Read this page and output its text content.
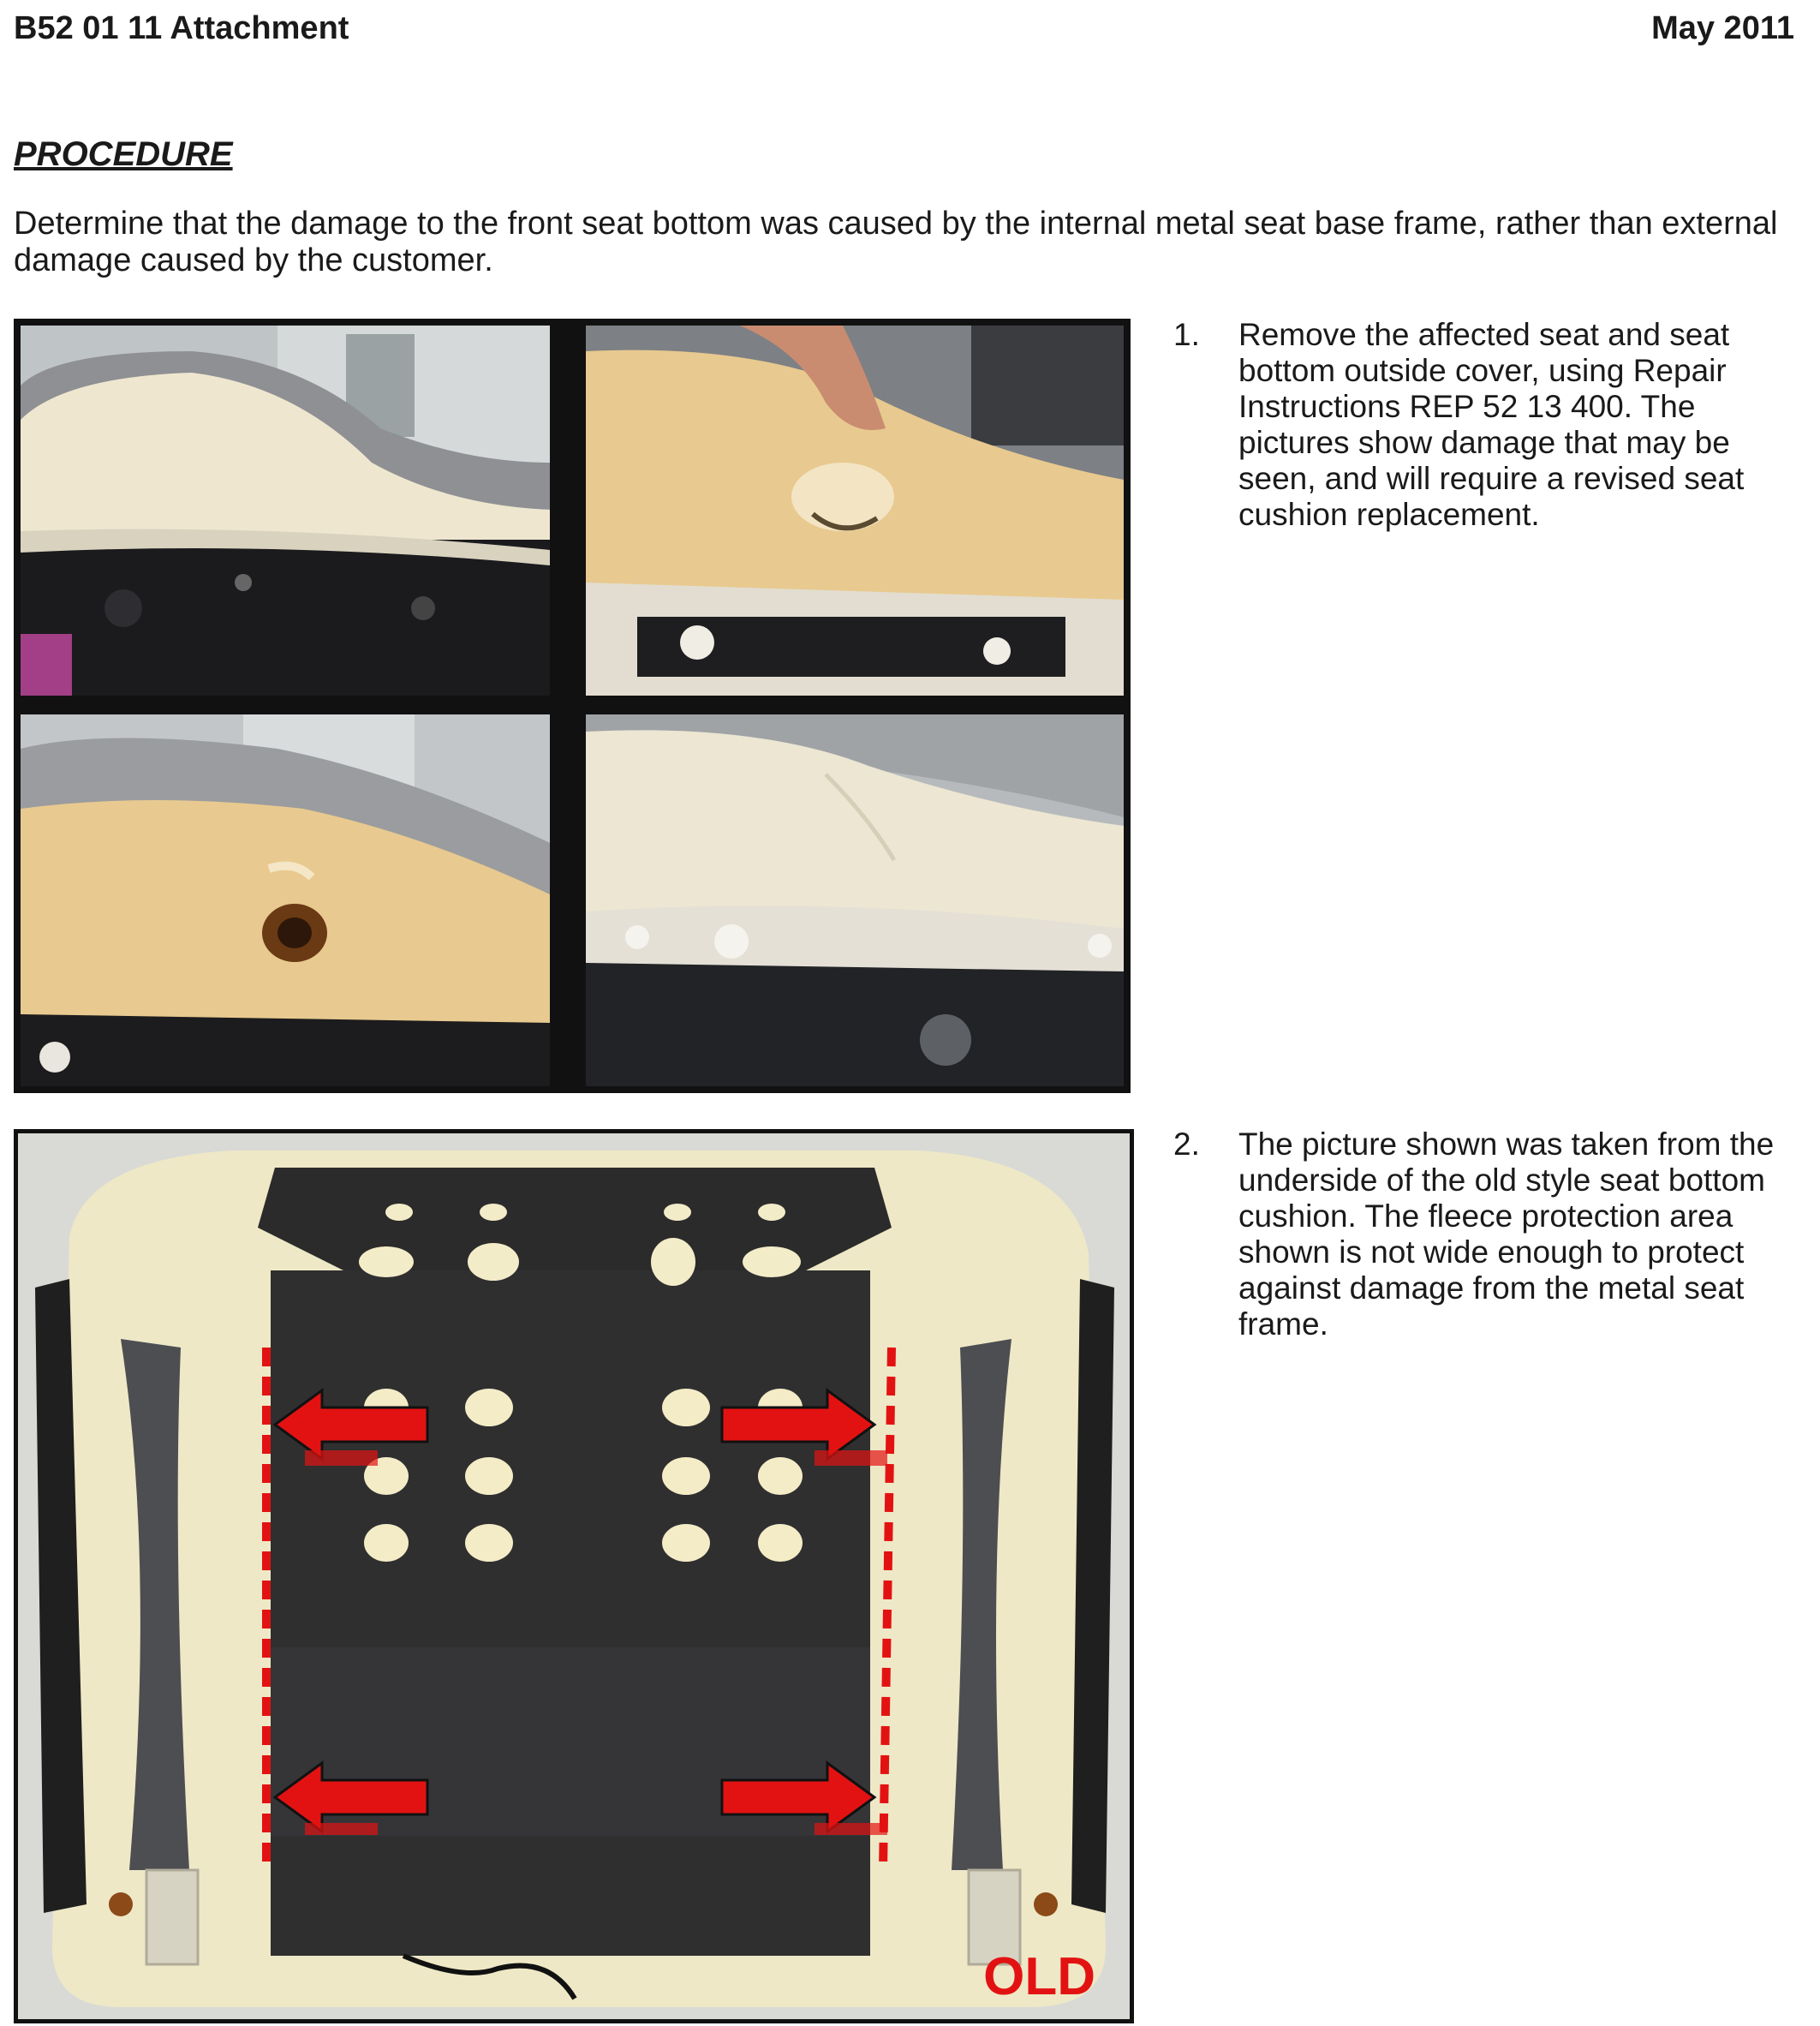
B52 01 11 Attachment	May 2011
PROCEDURE
Determine that the damage to the front seat bottom was caused by the internal metal seat base frame, rather than external damage caused by the customer.
1. Remove the affected seat and seat bottom outside cover, using Repair Instructions REP 52 13 400. The pictures show damage that may be seen, and will require a revised seat cushion replacement.
OLD
2. The picture shown was taken from the underside of the old style seat bottom cushion. The fleece protection area shown is not wide enough to protect against damage from the metal seat frame.
